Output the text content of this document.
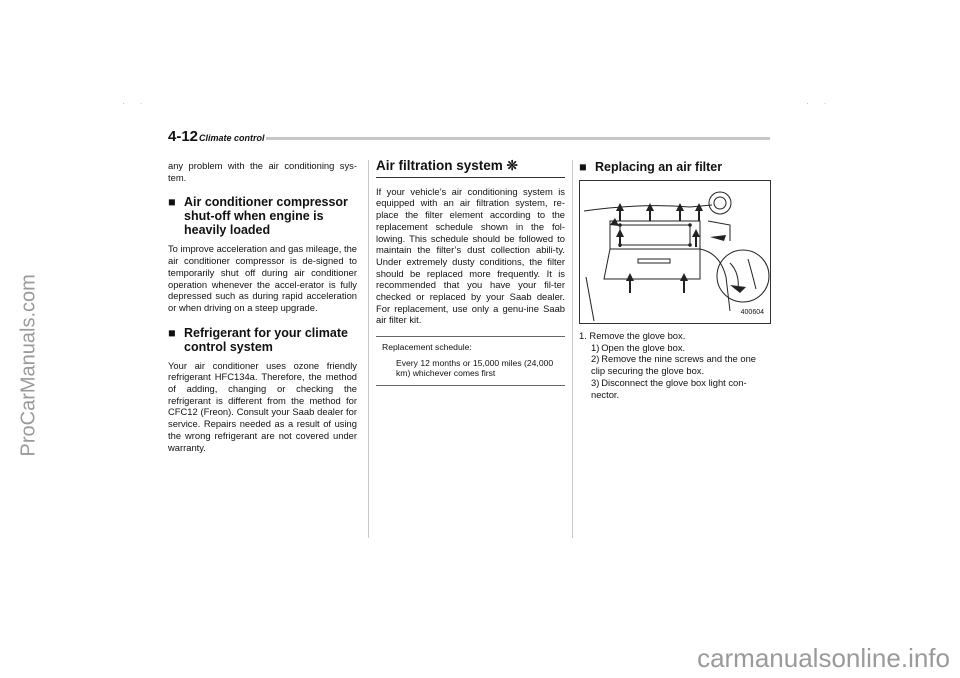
· ·	· ·
ProCarManuals.com
carmanualsonline.info
4-12 Climate control

any problem with the air conditioning sys-tem.

■ Air conditioner compressor shut-off when engine is heavily loaded

To improve acceleration and gas mileage, the air conditioner compressor is de-signed to temporarily shut off during air conditioner operation whenever the accel-erator is fully depressed such as during rapid acceleration or when driving on a steep upgrade.

■ Refrigerant for your climate control system

Your air conditioner uses ozone friendly refrigerant HFC134a. Therefore, the method of adding, changing or checking the refrigerant is different from the method for CFC12 (Freon). Consult your Saab dealer for service. Repairs needed as a result of using the wrong refrigerant are not covered under warranty.

Air filtration system ❊

If your vehicle’s air conditioning system is equipped with an air filtration system, re-place the filter element according to the replacement schedule shown in the fol-lowing. This schedule should be followed to maintain the filter’s dust collection abili-ty. Under extremely dusty conditions, the filter should be replaced more frequently. It is recommended that you have your fil-ter checked or replaced by your Saab dealer. For replacement, use only a genu-ine Saab air filter kit.

Replacement schedule:
Every 12 months or 15,000 miles (24,000 km) whichever comes first
■ Replacing an air filter
400604
1. Remove the glove box.
1) Open the glove box.
2) Remove the nine screws and the one clip securing the glove box.
3) Disconnect the glove box light con-nector.
